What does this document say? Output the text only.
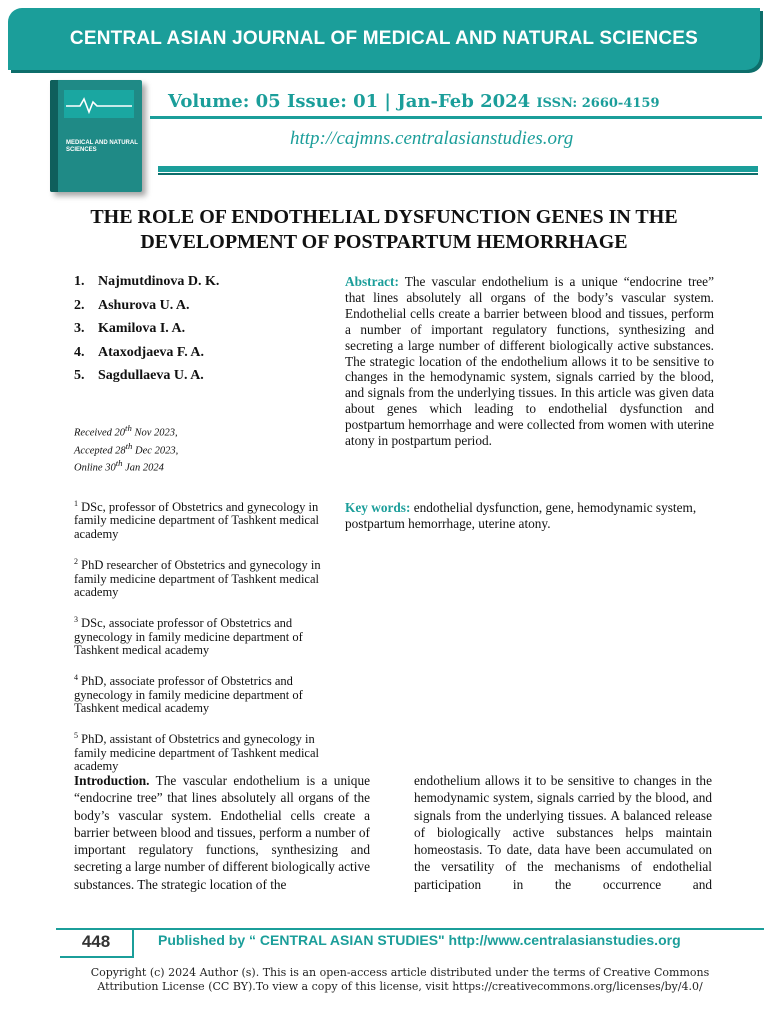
CENTRAL ASIAN JOURNAL OF MEDICAL AND NATURAL SCIENCES
MEDICAL AND NATURAL SCIENCES
Volume: 05 Issue: 01 | Jan-Feb 2024 ISSN: 2660-4159
http://cajmns.centralasianstudies.org
THE ROLE OF ENDOTHELIAL DYSFUNCTION GENES IN THE DEVELOPMENT OF POSTPARTUM HEMORRHAGE
1. Najmutdinova D. K.
2. Ashurova U. A.
3. Kamilova I. A.
4. Ataxodjaeva F. A.
5. Sagdullaeva U. A.
Received 20th Nov 2023,
Accepted 28th Dec 2023,
Online 30th Jan 2024
$^1$ DSc, professor of Obstetrics and gynecology in family medicine department of Tashkent medical academy
$^2$ PhD researcher of Obstetrics and gynecology in family medicine department of Tashkent medical academy
$^3$ DSc, associate professor of Obstetrics and gynecology in family medicine department of Tashkent medical academy
$^4$ PhD, associate professor of Obstetrics and gynecology in family medicine department of Tashkent medical academy
$^5$ PhD, assistant of Obstetrics and gynecology in family medicine department of Tashkent medical academy
Abstract: The vascular endothelium is a unique “endocrine tree” that lines absolutely all organs of the body’s vascular system. Endothelial cells create a barrier between blood and tissues, perform a number of important regulatory functions, synthesizing and secreting a large number of different biologically active substances. The strategic location of the endothelium allows it to be sensitive to changes in the hemodynamic system, signals carried by the blood, and signals from the underlying tissues. In this article was given data about genes which leading to endothelial dysfunction and postpartum hemorrhage and were collected from women with uterine atony in postpartum period.
Key words: endothelial dysfunction, gene, hemodynamic system, postpartum hemorrhage, uterine atony.
Introduction. The vascular endothelium is a unique “endocrine tree” that lines absolutely all organs of the body’s vascular system. Endothelial cells create a barrier between blood and tissues, perform a number of important regulatory functions, synthesizing and secreting a large number of different biologically active substances. The strategic location of the
endothelium allows it to be sensitive to changes in the hemodynamic system, signals carried by the blood, and signals from the underlying tissues. A balanced release of biologically active substances helps maintain homeostasis. To date, data have been accumulated on the versatility of the mechanisms of endothelial participation in the occurrence and
448	Published by “ CENTRAL ASIAN STUDIES" http://www.centralasianstudies.org
Copyright (c) 2024 Author (s). This is an open-access article distributed under the terms of Creative Commons Attribution License (CC BY).To view a copy of this license, visit https://creativecommons.org/licenses/by/4.0/
